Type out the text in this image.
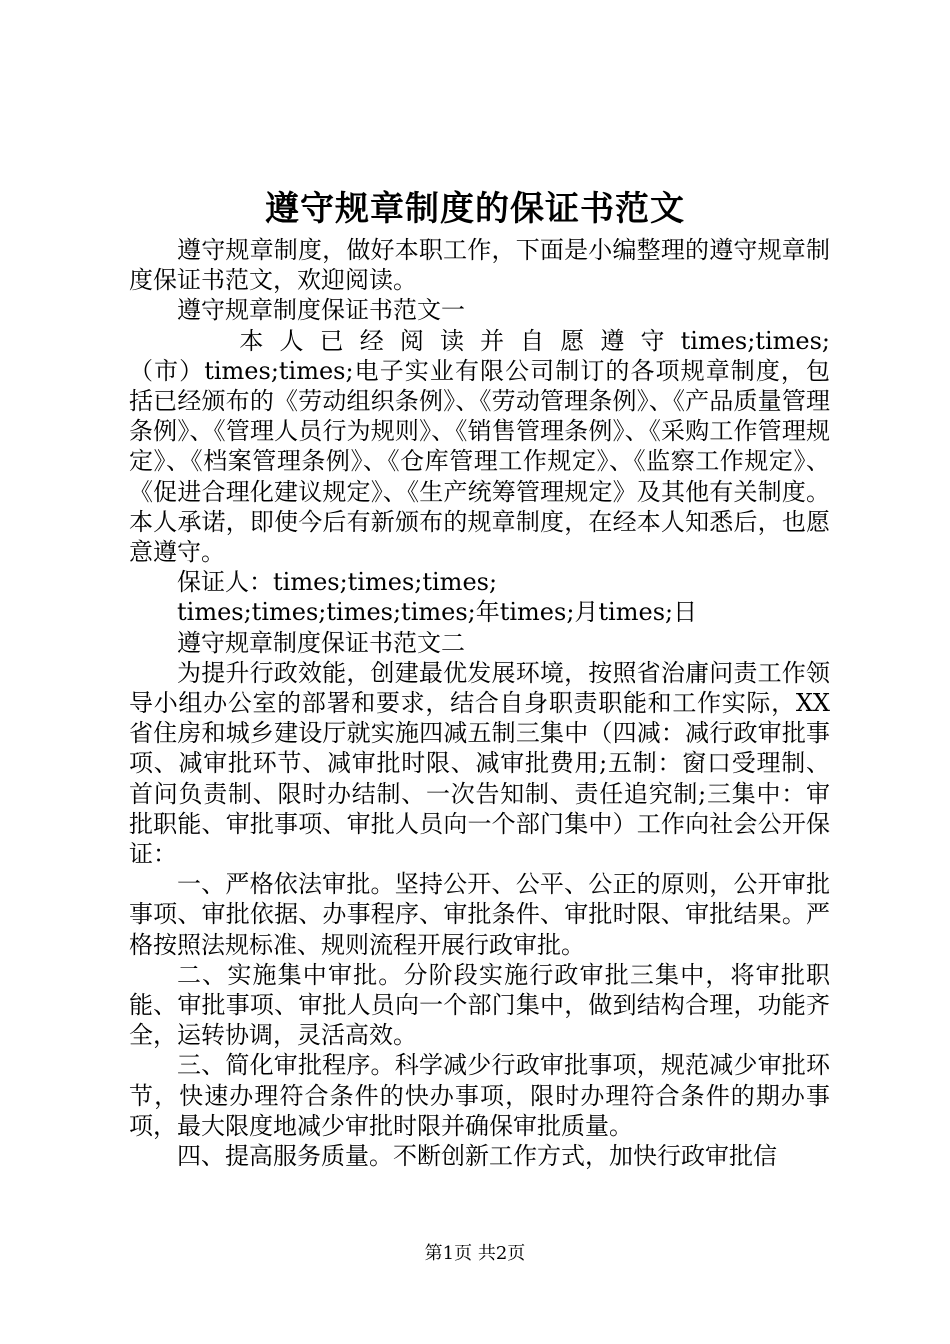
遵守规章制度的保证书范文

遵守规章制度，做好本职工作，下面是小编整理的遵守规章制度保证书范文，欢迎阅读。

遵守规章制度保证书范文一

本人已经阅读并自愿遵守times;times;

（市）times;times;电子实业有限公司制订的各项规章制度，包括已经颁布的《劳动组织条例》、《劳动管理条例》、《产品质量管理条例》、《管理人员行为规则》、《销售管理条例》、《采购工作管理规定》、《档案管理条例》、《仓库管理工作规定》、《监察工作规定》、《促进合理化建议规定》、《生产统筹管理规定》及其他有关制度。本人承诺，即使今后有新颁布的规章制度，在经本人知悉后，也愿意遵守。

保证人：times;times;times;

times;times;times;times;年times;月times;日

遵守规章制度保证书范文二

为提升行政效能，创建最优发展环境，按照省治庸问责工作领导小组办公室的部署和要求，结合自身职责职能和工作实际，XX省住房和城乡建设厅就实施四减五制三集中（四减：减行政审批事项、减审批环节、减审批时限、减审批费用;五制：窗口受理制、首问负责制、限时办结制、一次告知制、责任追究制;三集中：审批职能、审批事项、审批人员向一个部门集中）工作向社会公开保证：

一、严格依法审批。坚持公开、公平、公正的原则，公开审批事项、审批依据、办事程序、审批条件、审批时限、审批结果。严格按照法规标准、规则流程开展行政审批。

二、实施集中审批。分阶段实施行政审批三集中，将审批职能、审批事项、审批人员向一个部门集中，做到结构合理，功能齐全，运转协调，灵活高效。

三、简化审批程序。科学减少行政审批事项，规范减少审批环节，快速办理符合条件的快办事项，限时办理符合条件的期办事项，最大限度地减少审批时限并确保审批质量。

四、提高服务质量。不断创新工作方式，加快行政审批信

第1页 共2页
